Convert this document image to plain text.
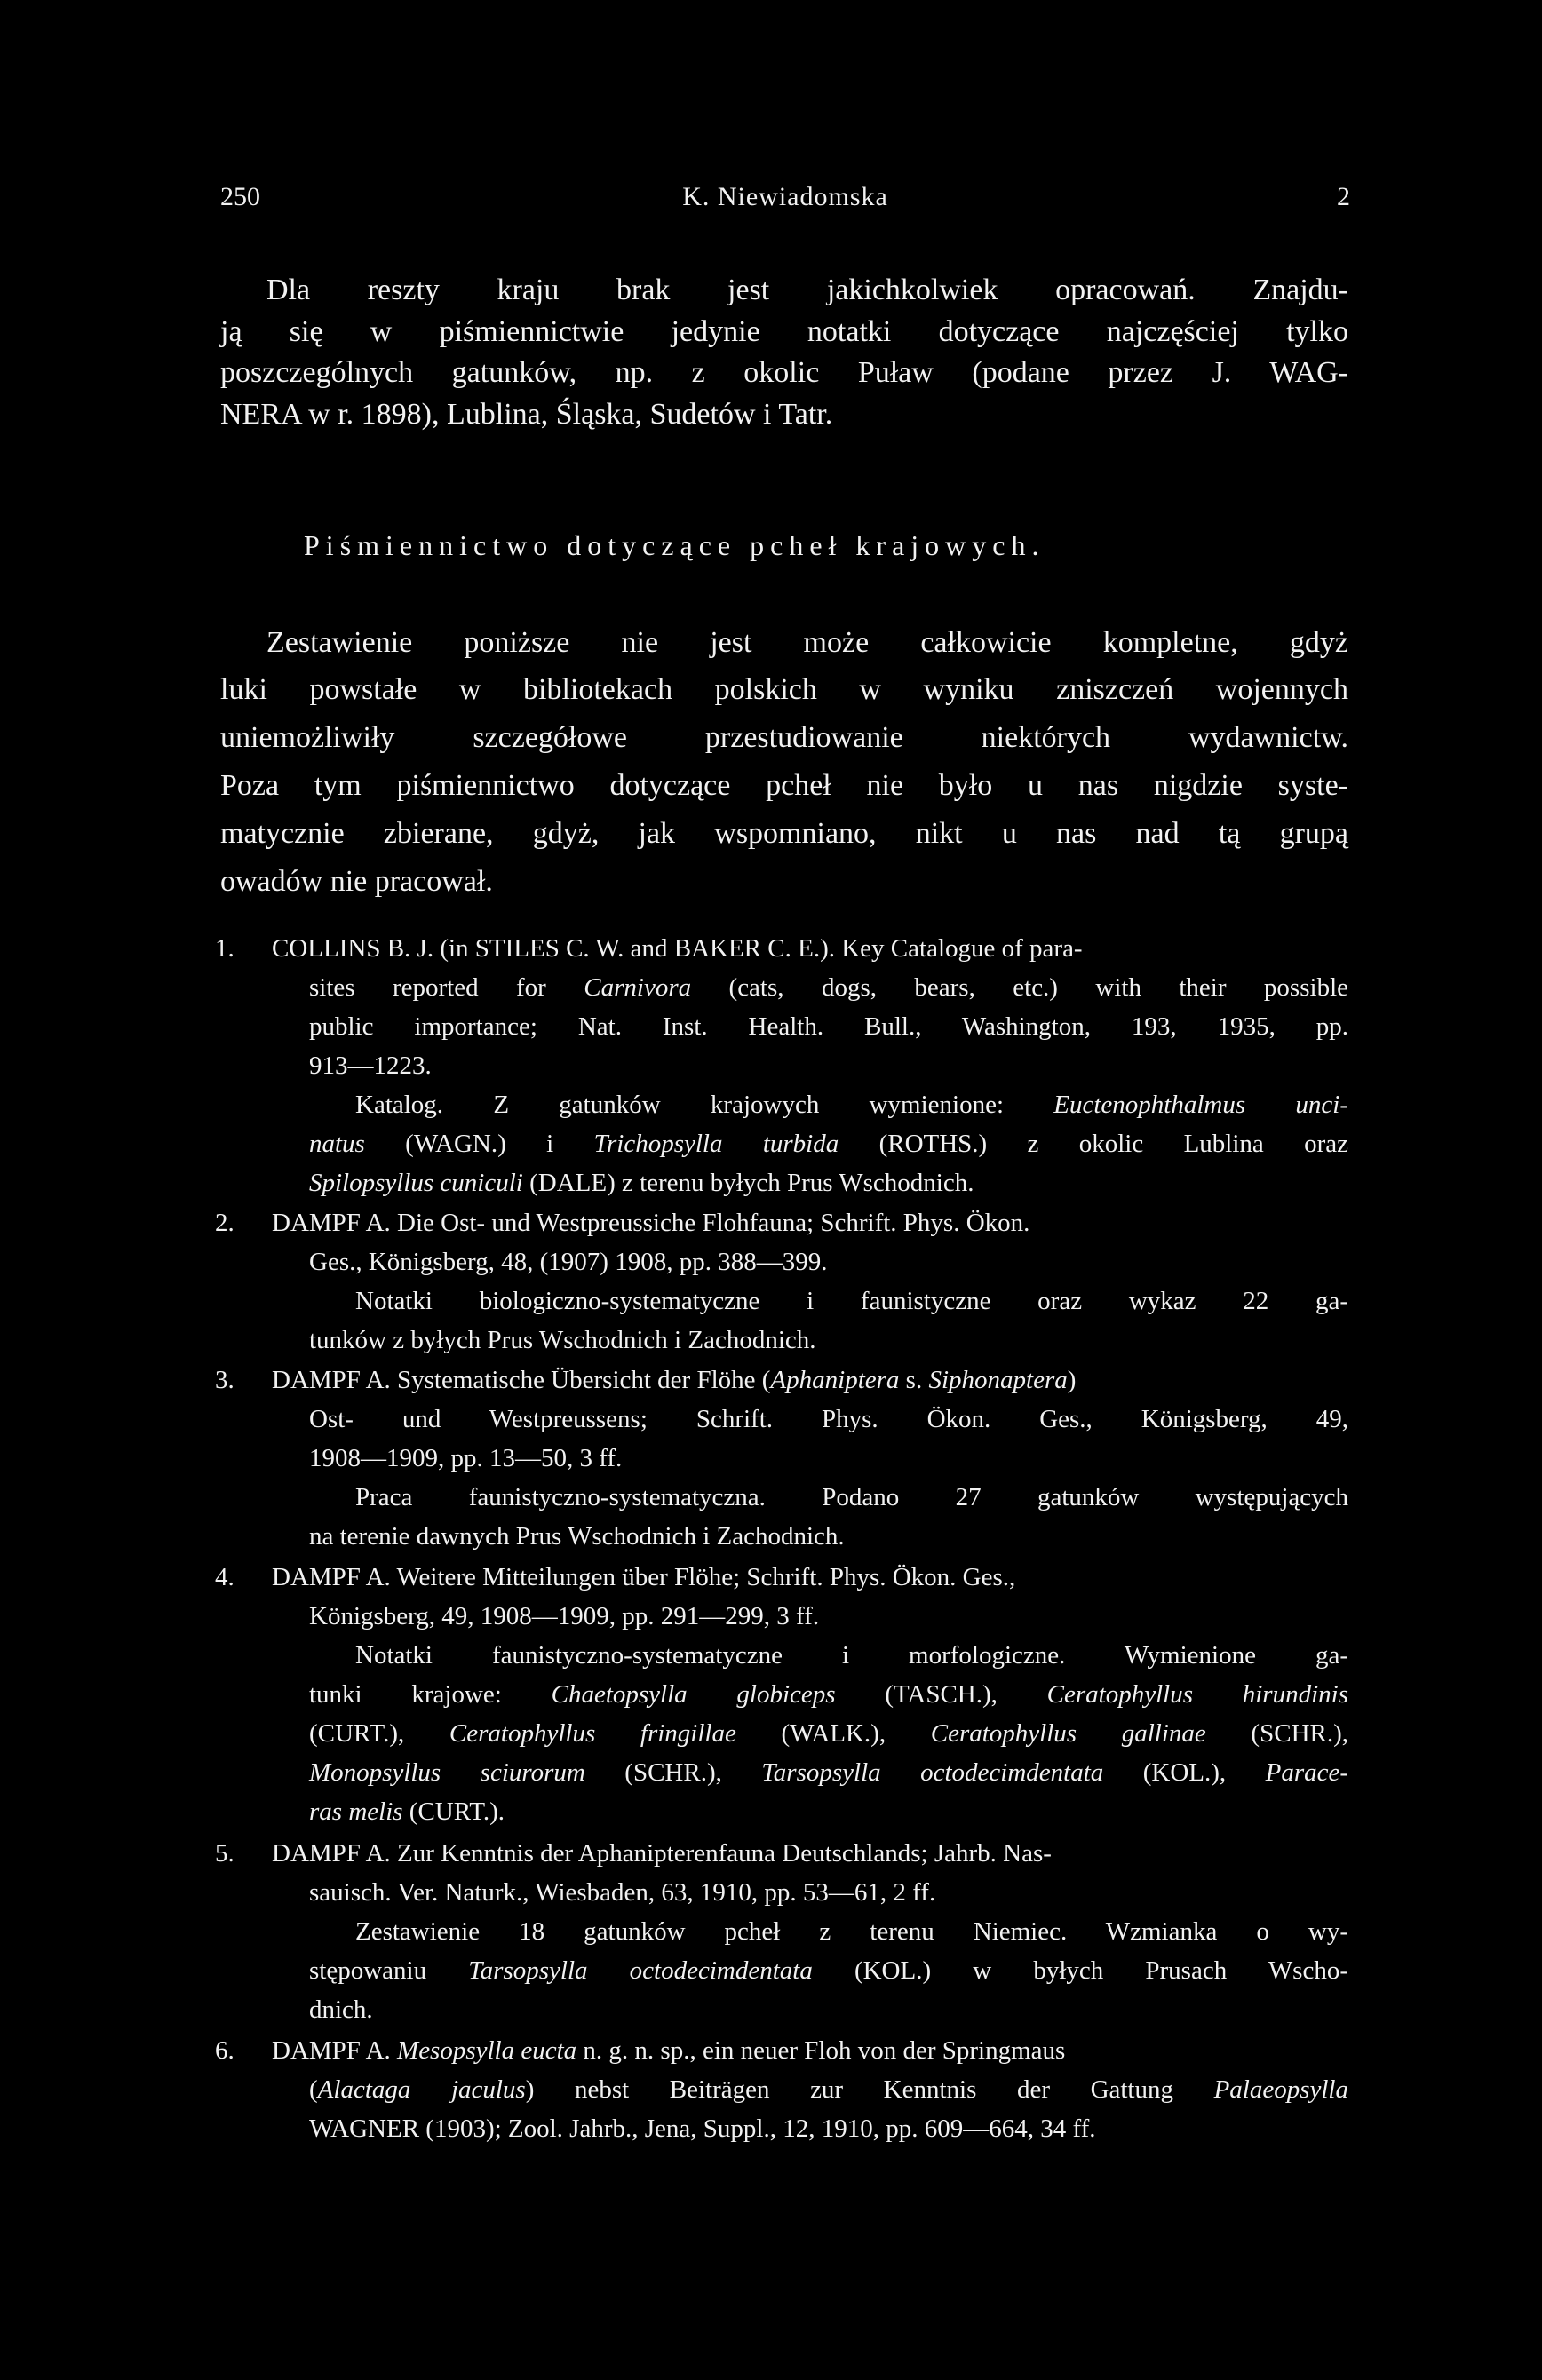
250	K. Niewiadomska	2
Dla reszty kraju brak jest jakichkolwiek opracowań. Znajdu-
ją się w piśmiennictwie jedynie notatki dotyczące najczęściej tylko
poszczególnych gatunków, np. z okolic Puław (podane przez J. WAG-
NERA w r. 1898), Lublina, Śląska, Sudetów i Tatr.
Piśmiennictwo dotyczące pcheł krajowych.
Zestawienie poniższe nie jest może całkowicie kompletne, gdyż
luki powstałe w bibliotekach polskich w wyniku zniszczeń wojennych
uniemożliwiły szczegółowe przestudiowanie niektórych wydawnictw.
Poza tym piśmiennictwo dotyczące pcheł nie było u nas nigdzie syste-
matycznie zbierane, gdyż, jak wspomniano, nikt u nas nad tą grupą
owadów nie pracował.
1. COLLINS B. J. (in STILES C. W. and BAKER C. E.). Key Catalogue of para-
sites reported for Carnivora (cats, dogs, bears, etc.) with their possible
public importance; Nat. Inst. Health. Bull., Washington, 193, 1935, pp.
913—1223.
Katalog. Z gatunków krajowych wymienione: Euctenophthalmus unci-
natus (WAGN.) i Trichopsylla turbida (ROTHS.) z okolic Lublina oraz
Spilopsyllus cuniculi (DALE) z terenu byłych Prus Wschodnich.
2. DAMPF A. Die Ost- und Westpreussiche Flohfauna; Schrift. Phys. Ökon.
Ges., Königsberg, 48, (1907) 1908, pp. 388—399.
Notatki biologiczno-systematyczne i faunistyczne oraz wykaz 22 ga-
tunków z byłych Prus Wschodnich i Zachodnich.
3. DAMPF A. Systematische Übersicht der Flöhe (Aphaniptera s. Siphonaptera)
Ost- und Westpreussens; Schrift. Phys. Ökon. Ges., Königsberg, 49,
1908—1909, pp. 13—50, 3 ff.
Praca faunistyczno-systematyczna. Podano 27 gatunków występujących
na terenie dawnych Prus Wschodnich i Zachodnich.
4. DAMPF A. Weitere Mitteilungen über Flöhe; Schrift. Phys. Ökon. Ges.,
Königsberg, 49, 1908—1909, pp. 291—299, 3 ff.
Notatki faunistyczno-systematyczne i morfologiczne. Wymienione ga-
tunki krajowe: Chaetopsylla globiceps (TASCH.), Ceratophyllus hirundinis
(CURT.), Ceratophyllus fringillae (WALK.), Ceratophyllus gallinae (SCHR.),
Monopsyllus sciurorum (SCHR.), Tarsopsylla octodecimdentata (KOL.), Parace-
ras melis (CURT.).
5. DAMPF A. Zur Kenntnis der Aphanipterenfauna Deutschlands; Jahrb. Nas-
sauisch. Ver. Naturk., Wiesbaden, 63, 1910, pp. 53—61, 2 ff.
Zestawienie 18 gatunków pcheł z terenu Niemiec. Wzmianka o wy-
stępowaniu Tarsopsylla octodecimdentata (KOL.) w byłych Prusach Wscho-
dnich.
6. DAMPF A. Mesopsylla eucta n. g. n. sp., ein neuer Floh von der Springmaus
(Alactaga jaculus) nebst Beiträgen zur Kenntnis der Gattung Palaeopsylla
WAGNER (1903); Zool. Jahrb., Jena, Suppl., 12, 1910, pp. 609—664, 34 ff.
